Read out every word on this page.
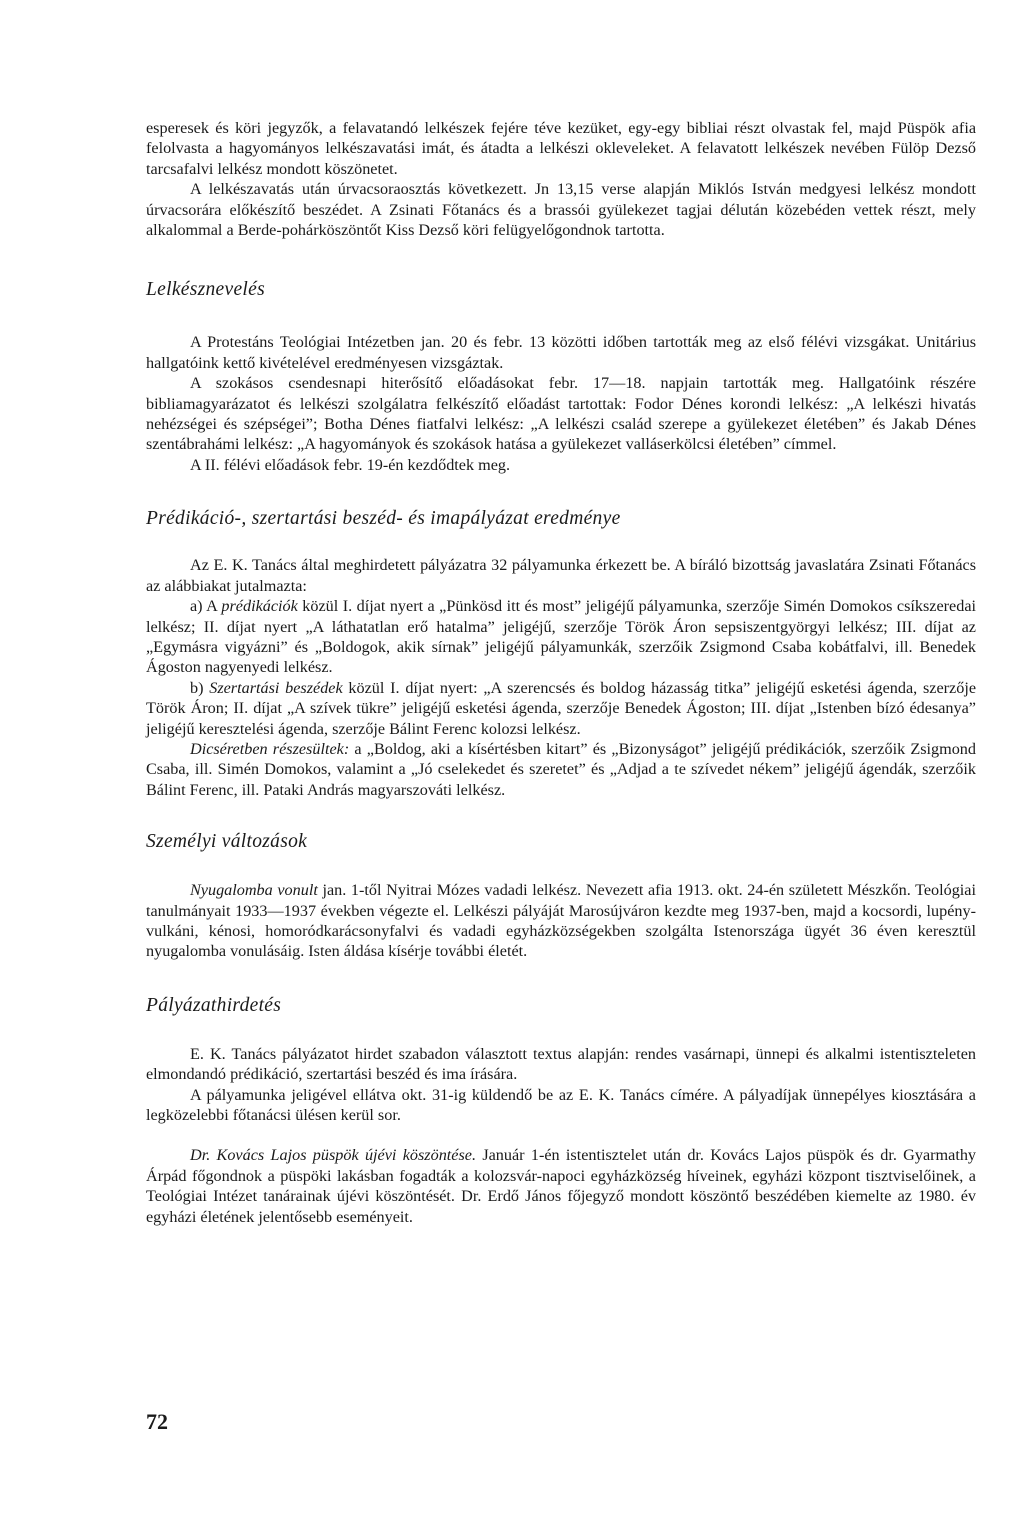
esperesek és köri jegyzők, a felavatandó lelkészek fejére téve kezüket, egy-egy bibliai részt olvastak fel, majd Püspök afia felolvasta a hagyományos lelkészavatási imát, és átadta a lelkészi okleveleket. A felavatott lelkészek nevében Fülöp Dezső tarcsafalvi lelkész mondott köszönetet.

A lelkészavatás után úrvacsoraosztás következett. Jn 13,15 verse alapján Miklós István medgyesi lelkész mondott úrvacsorára előkészítő beszédet. A Zsinati Főtanács és a brassói gyülekezet tagjai délután közebéden vettek részt, mely alkalommal a Berde-pohárköszöntőt Kiss Dezső köri felügyelőgondnok tartotta.

Lelkésznevelés

A Protestáns Teológiai Intézetben jan. 20 és febr. 13 közötti időben tartották meg az első félévi vizsgákat. Unitárius hallgatóink kettő kivételével eredményesen vizsgáztak.

A szokásos csendesnapi hiterősítő előadásokat febr. 17—18. napjain tartották meg. Hallgatóink részére bibliamagyarázatot és lelkészi szolgálatra felkészítő előadást tartottak: Fodor Dénes korondi lelkész: „A lelkészi hivatás nehézségei és szépségei”; Botha Dénes fiatfalvi lelkész: „A lelkészi család szerepe a gyülekezet életében” és Jakab Dénes szentábrahámi lelkész: „A hagyományok és szokások hatása a gyülekezet valláserkölcsi életében” címmel.

A II. félévi előadások febr. 19-én kezdődtek meg.

Prédikáció-, szertartási beszéd- és imapályázat eredménye

Az E. K. Tanács által meghirdetett pályázatra 32 pályamunka érkezett be. A bíráló bizottság javaslatára Zsinati Főtanács az alábbiakat jutalmazta:

a) A prédikációk közül I. díjat nyert a „Pünkösd itt és most” jeligéjű pályamunka, szerzője Simén Domokos csíkszeredai lelkész; II. díjat nyert „A láthatatlan erő hatalma” jeligéjű, szerzője Török Áron sepsiszentgyörgyi lelkész; III. díjat az „Egymásra vigyázni” és „Boldogok, akik sírnak” jeligéjű pályamunkák, szerzőik Zsigmond Csaba kobátfalvi, ill. Benedek Ágoston nagyenyedi lelkész.

b) Szertartási beszédek közül I. díjat nyert: „A szerencsés és boldog házasság titka” jeligéjű esketési ágenda, szerzője Török Áron; II. díjat „A szívek tükre” jeligéjű esketési ágenda, szerzője Benedek Ágoston; III. díjat „Istenben bízó édesanya” jeligéjű keresztelési ágenda, szerzője Bálint Ferenc kolozsi lelkész.

Dicséretben részesültek: a „Boldog, aki a kísértésben kitart” és „Bizonyságot” jeligéjű prédikációk, szerzőik Zsigmond Csaba, ill. Simén Domokos, valamint a „Jó cselekedet és szeretet” és „Adjad a te szívedet nékem” jeligéjű ágendák, szerzőik Bálint Ferenc, ill. Pataki András magyarszováti lelkész.

Személyi változások

Nyugalomba vonult jan. 1-től Nyitrai Mózes vadadi lelkész. Nevezett afia 1913. okt. 24-én született Mészkőn. Teológiai tanulmányait 1933—1937 években végezte el. Lelkészi pályáját Marosújváron kezdte meg 1937-ben, majd a kocsordi, lupény-vulkáni, kénosi, homoródkarácsonyfalvi és vadadi egyházközségekben szolgálta Istenországa ügyét 36 éven keresztül nyugalomba vonulásáig. Isten áldása kísérje további életét.

Pályázathirdetés

E. K. Tanács pályázatot hirdet szabadon választott textus alapján: rendes vasárnapi, ünnepi és alkalmi istentiszteleten elmondandó prédikáció, szertartási beszéd és ima írására.

A pályamunka jeligével ellátva okt. 31-ig küldendő be az E. K. Tanács címére. A pályadíjak ünnepélyes kiosztására a legközelebbi főtanácsi ülésen kerül sor.

Dr. Kovács Lajos püspök újévi köszöntése. Január 1-én istentisztelet után dr. Kovács Lajos püspök és dr. Gyarmathy Árpád főgondnok a püspöki lakásban fogadták a kolozsvár-napoci egyházközség híveinek, egyházi központ tisztviselőinek, a Teológiai Intézet tanárainak újévi köszöntését. Dr. Erdő János főjegyző mondott köszöntő beszédében kiemelte az 1980. év egyházi életének jelentősebb eseményeit.

72
